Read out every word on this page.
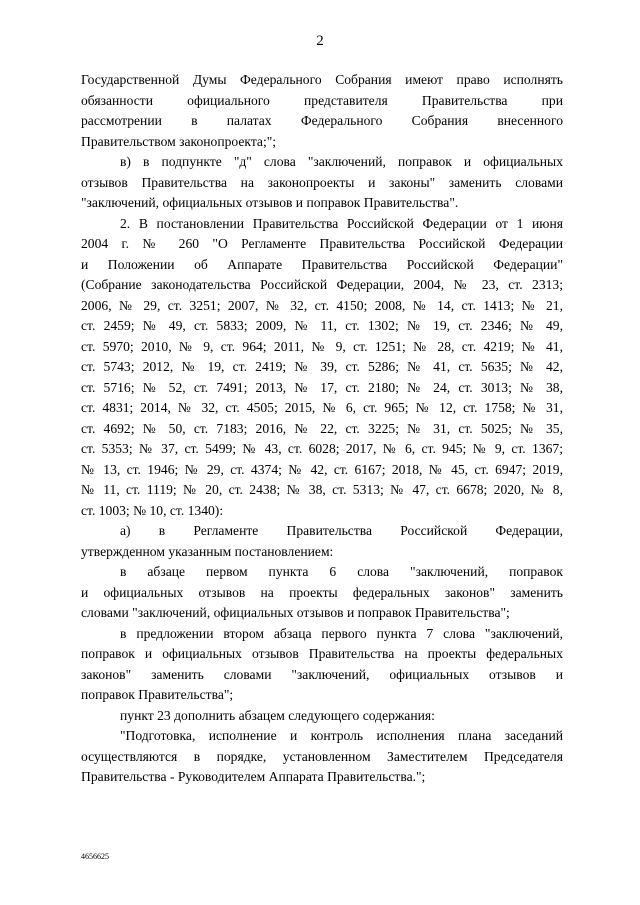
2
Государственной Думы Федерального Собрания имеют право исполнять
обязанности официального представителя Правительства при
рассмотрении в палатах Федерального Собрания внесенного
Правительством законопроекта;";
в) в подпункте "д" слова "заключений, поправок и официальных
отзывов Правительства на законопроекты и законы" заменить словами
"заключений, официальных отзывов и поправок Правительства".
2. В постановлении Правительства Российской Федерации от 1 июня
2004 г. № 260 "О Регламенте Правительства Российской Федерации
и Положении об Аппарате Правительства Российской Федерации"
(Собрание законодательства Российской Федерации, 2004, № 23, ст. 2313;
2006, № 29, ст. 3251; 2007, № 32, ст. 4150; 2008, № 14, ст. 1413; № 21,
ст. 2459; № 49, ст. 5833; 2009, № 11, ст. 1302; № 19, ст. 2346; № 49,
ст. 5970; 2010, № 9, ст. 964; 2011, № 9, ст. 1251; № 28, ст. 4219; № 41,
ст. 5743; 2012, № 19, ст. 2419; № 39, ст. 5286; № 41, ст. 5635; № 42,
ст. 5716; № 52, ст. 7491; 2013, № 17, ст. 2180; № 24, ст. 3013; № 38,
ст. 4831; 2014, № 32, ст. 4505; 2015, № 6, ст. 965; № 12, ст. 1758; № 31,
ст. 4692; № 50, ст. 7183; 2016, № 22, ст. 3225; № 31, ст. 5025; № 35,
ст. 5353; № 37, ст. 5499; № 43, ст. 6028; 2017, № 6, ст. 945; № 9, ст. 1367;
№ 13, ст. 1946; № 29, ст. 4374; № 42, ст. 6167; 2018, № 45, ст. 6947; 2019,
№ 11, ст. 1119; № 20, ст. 2438; № 38, ст. 5313; № 47, ст. 6678; 2020, № 8,
ст. 1003; № 10, ст. 1340):
а) в Регламенте Правительства Российской Федерации,
утвержденном указанным постановлением:
в абзаце первом пункта 6 слова "заключений, поправок
и официальных отзывов на проекты федеральных законов" заменить
словами "заключений, официальных отзывов и поправок Правительства";
в предложении втором абзаца первого пункта 7 слова "заключений,
поправок и официальных отзывов Правительства на проекты федеральных
законов" заменить словами "заключений, официальных отзывов и
поправок Правительства";
пункт 23 дополнить абзацем следующего содержания:
"Подготовка, исполнение и контроль исполнения плана заседаний
осуществляются в порядке, установленном Заместителем Председателя
Правительства - Руководителем Аппарата Правительства.";
4656625
